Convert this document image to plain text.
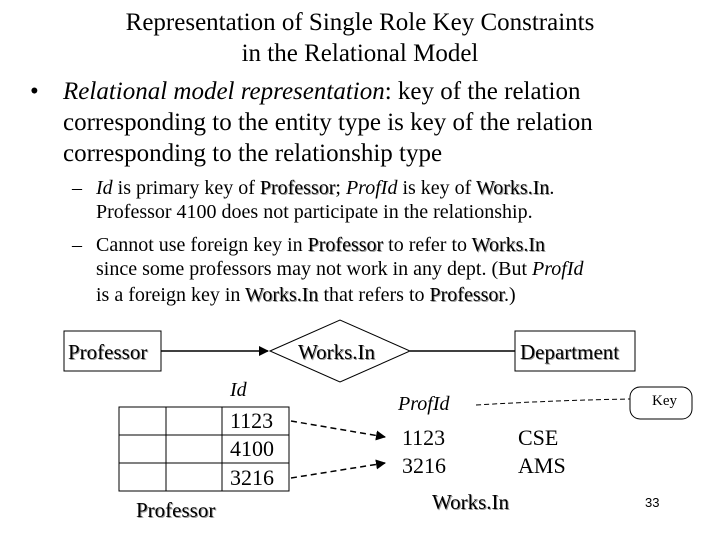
Representation of Single Role Key Constraints
in the Relational Model
• Relational model representation: key of the relation
corresponding to the entity type is key of the relation
corresponding to the relationship type
– Id is primary key of Professor; ProfId is key of Works.In.
Professor 4100 does not participate in the relationship.
– Cannot use foreign key in Professor to refer to Works.In
since some professors may not work in any dept. (But ProfId
is a foreign key in Works.In that refers to Professor.)
Professor	Works.In	Department
Id
1123
4100
3216
Professor
ProfId
1123	CSE
3216	AMS
Works.In
Key
33
